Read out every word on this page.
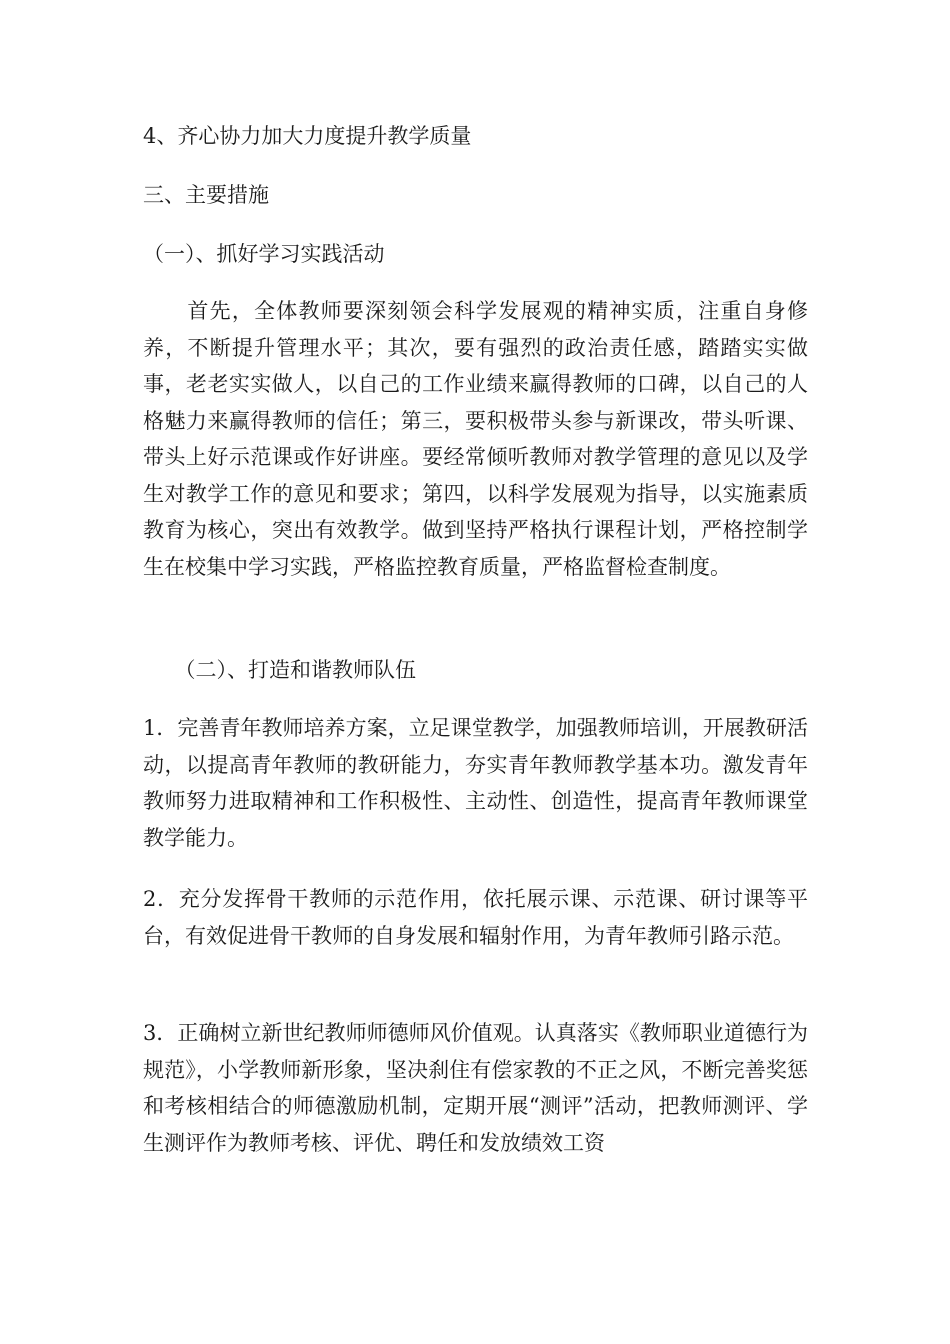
4、齐心协力加大力度提升教学质量

三、主要措施

（一）、抓好学习实践活动

　　首先，全体教师要深刻领会科学发展观的精神实质，注重自身修养，不断提升管理水平；其次，要有强烈的政治责任感，踏踏实实做事，老老实实做人，以自己的工作业绩来赢得教师的口碑，以自己的人格魅力来赢得教师的信任；第三，要积极带头参与新课改，带头听课、带头上好示范课或作好讲座。要经常倾听教师对教学管理的意见以及学生对教学工作的意见和要求；第四，以科学发展观为指导，以实施素质教育为核心，突出有效教学。做到坚持严格执行课程计划，严格控制学生在校集中学习实践，严格监控教育质量，严格监督检查制度。

　　（二）、打造和谐教师队伍

1．完善青年教师培养方案，立足课堂教学，加强教师培训，开展教研活动，以提高青年教师的教研能力，夯实青年教师教学基本功。激发青年教师努力进取精神和工作积极性、主动性、创造性，提高青年教师课堂教学能力。

2．充分发挥骨干教师的示范作用，依托展示课、示范课、研讨课等平台，有效促进骨干教师的自身发展和辐射作用，为青年教师引路示范。

3．正确树立新世纪教师师德师风价值观。认真落实《教师职业道德行为规范》，小学教师新形象，坚决刹住有偿家教的不正之风，不断完善奖惩和考核相结合的师德激励机制，定期开展“测评”活动，把教师测评、学生测评作为教师考核、评优、聘任和发放绩效工资
